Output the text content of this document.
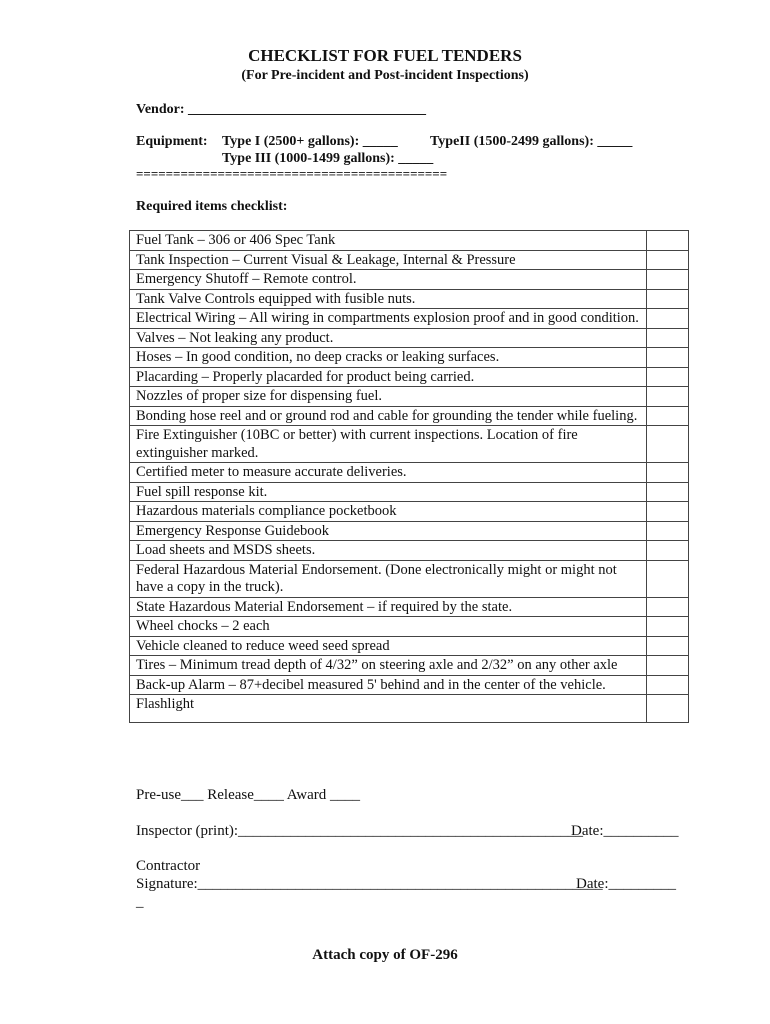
CHECKLIST FOR FUEL TENDERS
(For Pre-incident and Post-incident Inspections)
Vendor: __________________________________
Equipment: Type I (2500+ gallons): _____ TypeII (1500-2499 gallons): _____
Type III (1000-1499 gallons): _____
==========================================
Required items checklist:
Fuel Tank – 306 or 406 Spec Tank	
Tank Inspection – Current Visual & Leakage, Internal & Pressure	
Emergency Shutoff – Remote control.	
Tank Valve Controls equipped with fusible nuts.	
Electrical Wiring – All wiring in compartments explosion proof and in good condition.	
Valves – Not leaking any product.	
Hoses – In good condition, no deep cracks or leaking surfaces.	
Placarding – Properly placarded for product being carried.	
Nozzles of proper size for dispensing fuel.	
Bonding hose reel and or ground rod and cable for grounding the tender while fueling.	
Fire Extinguisher (10BC or better) with current inspections. Location of fire extinguisher marked.	
Certified meter to measure accurate deliveries.	
Fuel spill response kit.	
Hazardous materials compliance pocketbook	
Emergency Response Guidebook	
Load sheets and MSDS sheets.	
Federal Hazardous Material Endorsement. (Done electronically might or might not have a copy in the truck).	
State Hazardous Material Endorsement – if required by the state.	
Wheel chocks – 2 each	
Vehicle cleaned to reduce weed seed spread	
Tires – Minimum tread depth of 4/32” on steering axle and 2/32” on any other axle	
Back-up Alarm – 87+decibel measured 5' behind and in the center of the vehicle.	
Flashlight	
Pre-use___ Release____ Award ____
Inspector (print):______________________________________________
Date:__________
Contractor
Signature:______________________________________________________
Date:_________
_
Attach copy of OF-296
